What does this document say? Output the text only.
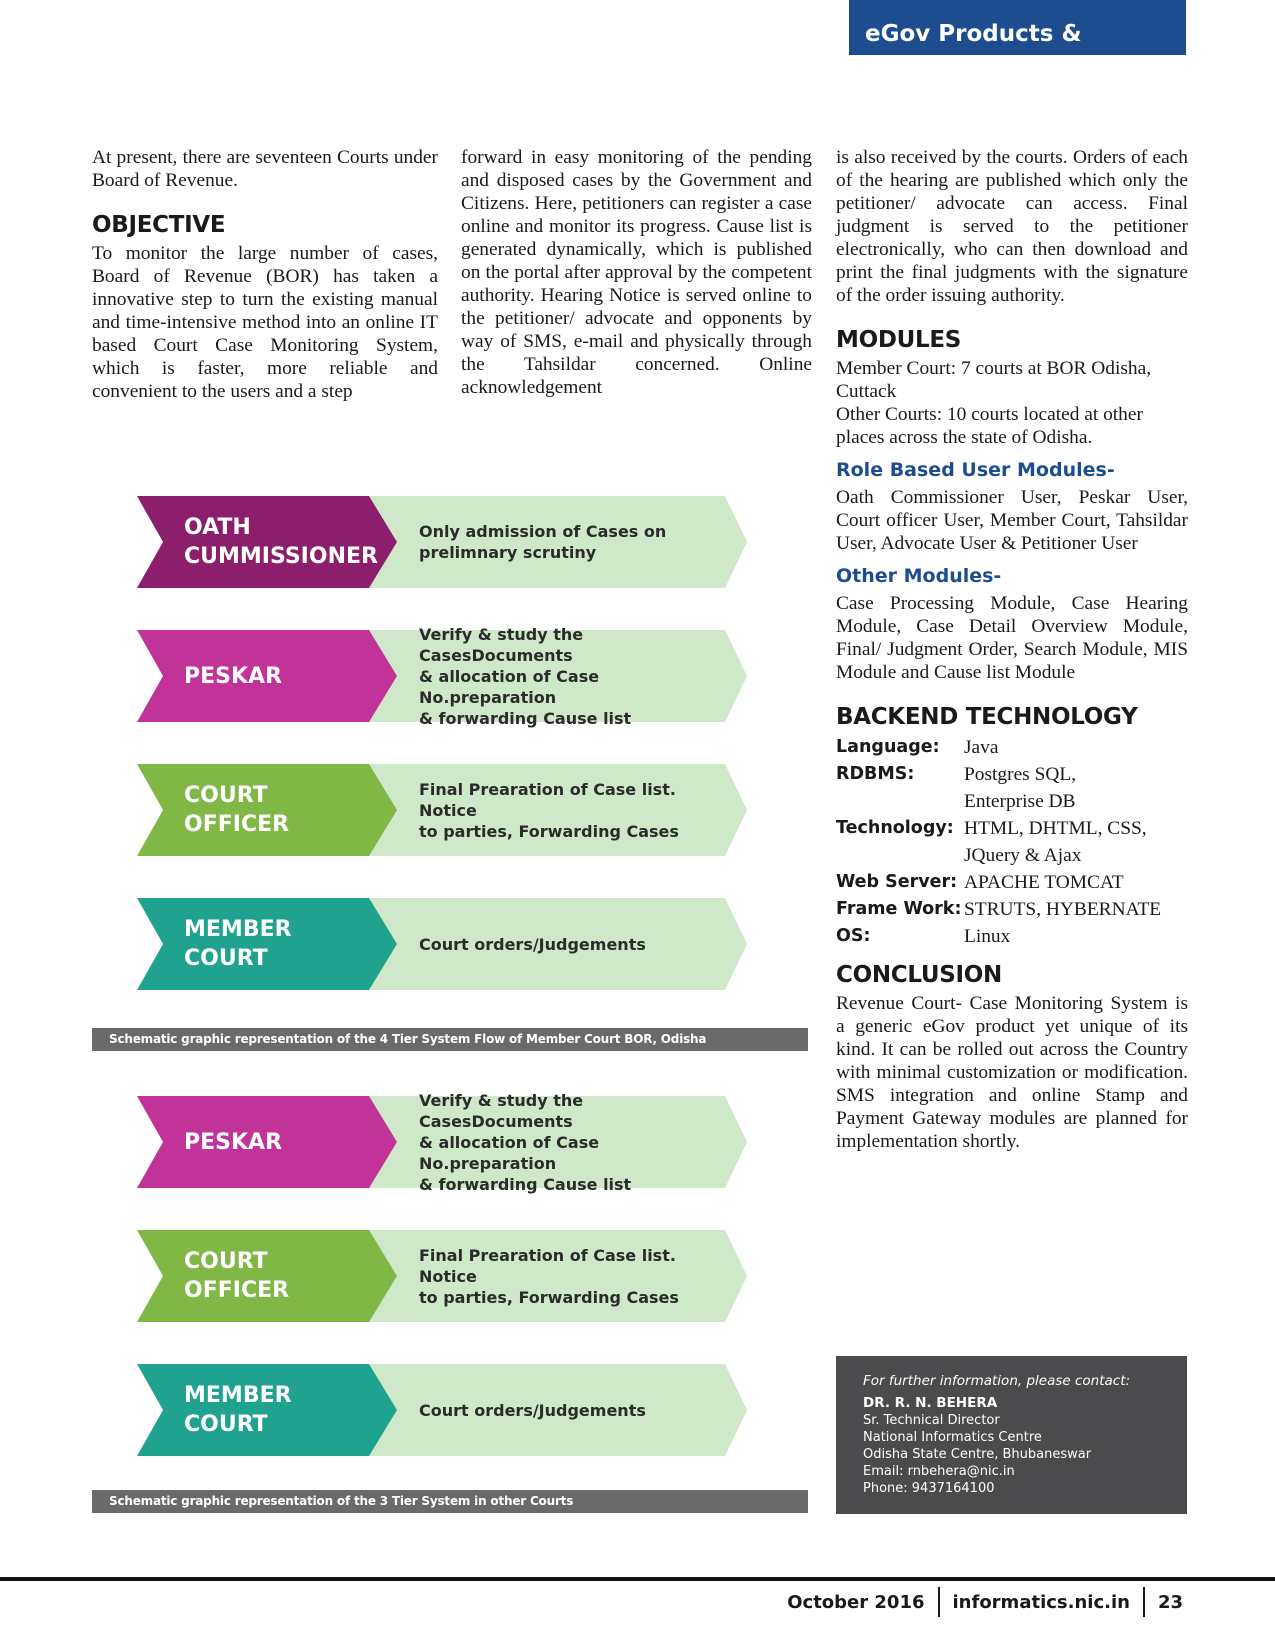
eGov Products & Services

At present, there are seventeen Courts under Board of Revenue.

OBJECTIVE

To monitor the large number of cases, Board of Revenue (BOR) has taken a innovative step to turn the existing manual and time-intensive method into an online IT based Court Case Monitoring System, which is faster, more reliable and convenient to the users and a step

forward in easy monitoring of the pending and disposed cases by the Government and Citizens. Here, petitioners can register a case online and monitor its progress. Cause list is generated dynamically, which is published on the portal after approval by the competent authority. Hearing Notice is served online to the petitioner/ advocate and opponents by way of SMS, e-mail and physically through the Tahsildar concerned. Online acknowledgement

is also received by the courts. Orders of each of the hearing are published which only the petitioner/ advocate can access. Final judgment is served to the petitioner electronically, who can then download and print the final judgments with the signature of the order issuing authority.

MODULES

Member Court: 7 courts at BOR Odisha, Cuttack

Other Courts: 10 courts located at other places across the state of Odisha.

Role Based User Modules-

Oath Commissioner User, Peskar User, Court officer User, Member Court, Tahsildar User, Advocate User & Petitioner User

Other Modules-

Case Processing Module, Case Hearing Module, Case Detail Overview Module, Final/ Judgment Order, Search Module, MIS Module and Cause list Module

BACKEND TECHNOLOGY
Language:	Java
RDBMS:	Postgres SQL,
Enterprise DB
Technology: HTML, DHTML, CSS,
JQuery & Ajax
Web Server: APACHE TOMCAT
Frame Work: STRUTS, HYBERNATE
OS:	Linux
CONCLUSION

Revenue Court- Case Monitoring System is a generic eGov product yet unique of its kind. It can be rolled out across the Country with minimal customization or modification. SMS integration and online Stamp and Payment Gateway modules are planned for implementation shortly.

OATH
CUMMISSIONER
Only admission of Cases on
prelimnary scrutiny
PESKAR
Verify & study the CasesDocuments
& allocation of Case No.preparation
& forwarding Cause list
COURT
OFFICER
Final Prearation of Case list. Notice
to parties, Forwarding Cases
MEMBER
COURT
Court orders/Judgements
Schematic graphic representation of the 4 Tier System Flow of Member Court BOR, Odisha
PESKAR
Verify & study the CasesDocuments
& allocation of Case No.preparation
& forwarding Cause list
COURT
OFFICER
Final Prearation of Case list. Notice
to parties, Forwarding Cases
MEMBER
COURT
Court orders/Judgements
Schematic graphic representation of the 3 Tier System in other Courts
For further information, please contact:
DR. R. N. BEHERA
Sr. Technical Director
National Informatics Centre
Odisha State Centre, Bhubaneswar
Email: rnbehera@nic.in
Phone: 9437164100
October 2016 informatics.nic.in 23
